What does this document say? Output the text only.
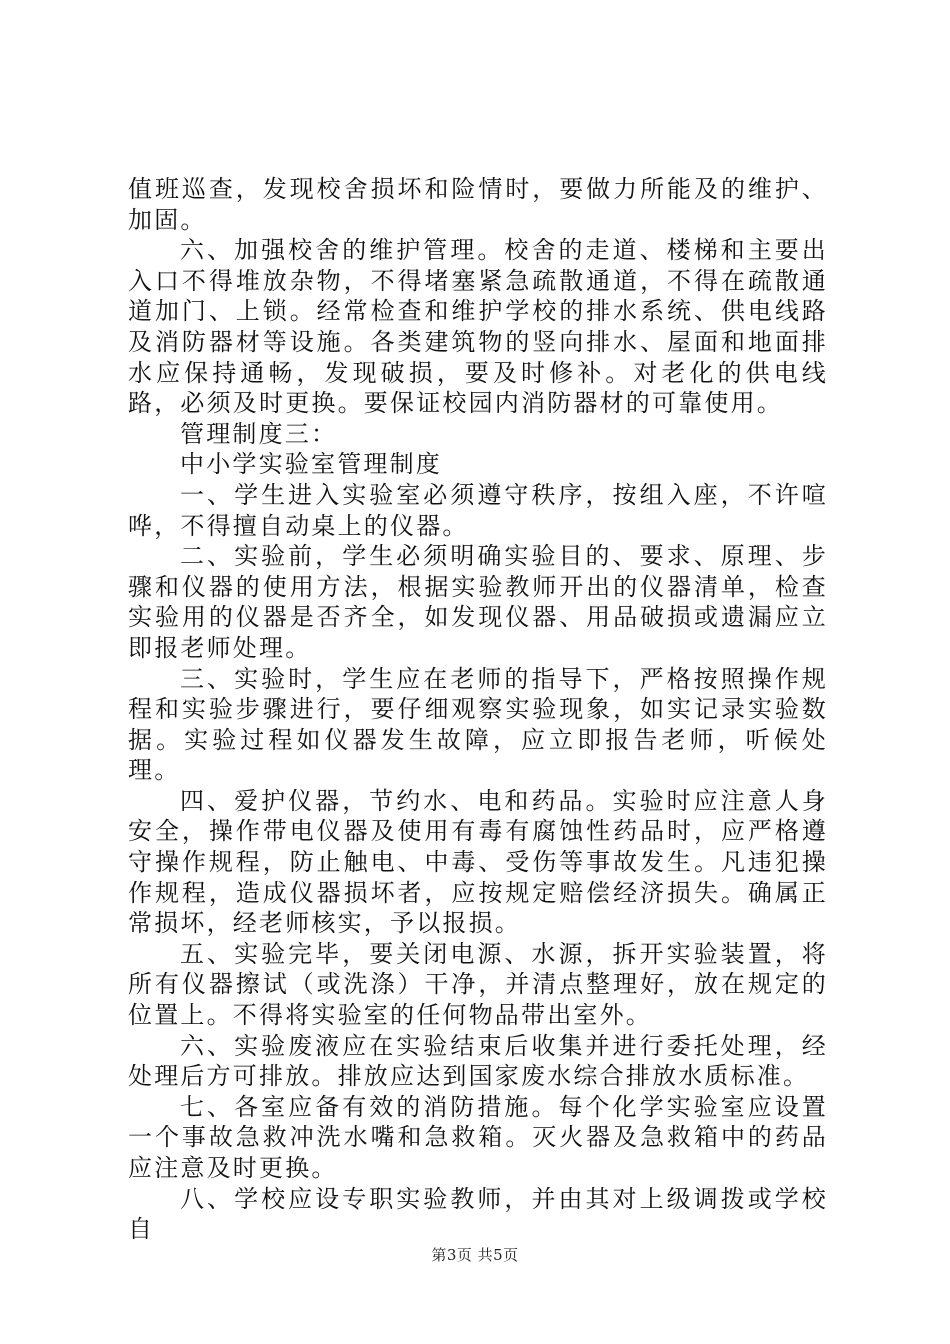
值班巡查，发现校舍损坏和险情时，要做力所能及的维护、加固。

六、加强校舍的维护管理。校舍的走道、楼梯和主要出入口不得堆放杂物，不得堵塞紧急疏散通道，不得在疏散通道加门、上锁。经常检查和维护学校的排水系统、供电线路及消防器材等设施。各类建筑物的竖向排水、屋面和地面排水应保持通畅，发现破损，要及时修补。对老化的供电线路，必须及时更换。要保证校园内消防器材的可靠使用。

管理制度三：

中小学实验室管理制度

一、学生进入实验室必须遵守秩序，按组入座，不许喧哗，不得擅自动桌上的仪器。

二、实验前，学生必须明确实验目的、要求、原理、步骤和仪器的使用方法，根据实验教师开出的仪器清单，检查实验用的仪器是否齐全，如发现仪器、用品破损或遗漏应立即报老师处理。

三、实验时，学生应在老师的指导下，严格按照操作规程和实验步骤进行，要仔细观察实验现象，如实记录实验数据。实验过程如仪器发生故障，应立即报告老师，听候处理。

四、爱护仪器，节约水、电和药品。实验时应注意人身安全，操作带电仪器及使用有毒有腐蚀性药品时，应严格遵守操作规程，防止触电、中毒、受伤等事故发生。凡违犯操作规程，造成仪器损坏者，应按规定赔偿经济损失。确属正常损坏，经老师核实，予以报损。

五、实验完毕，要关闭电源、水源，拆开实验装置，将所有仪器擦试（或洗涤）干净，并清点整理好，放在规定的位置上。不得将实验室的任何物品带出室外。

六、实验废液应在实验结束后收集并进行委托处理，经处理后方可排放。排放应达到国家废水综合排放水质标准。

七、各室应备有效的消防措施。每个化学实验室应设置一个事故急救冲洗水嘴和急救箱。灭火器及急救箱中的药品应注意及时更换。

八、学校应设专职实验教师，并由其对上级调拨或学校自

第3页 共5页
